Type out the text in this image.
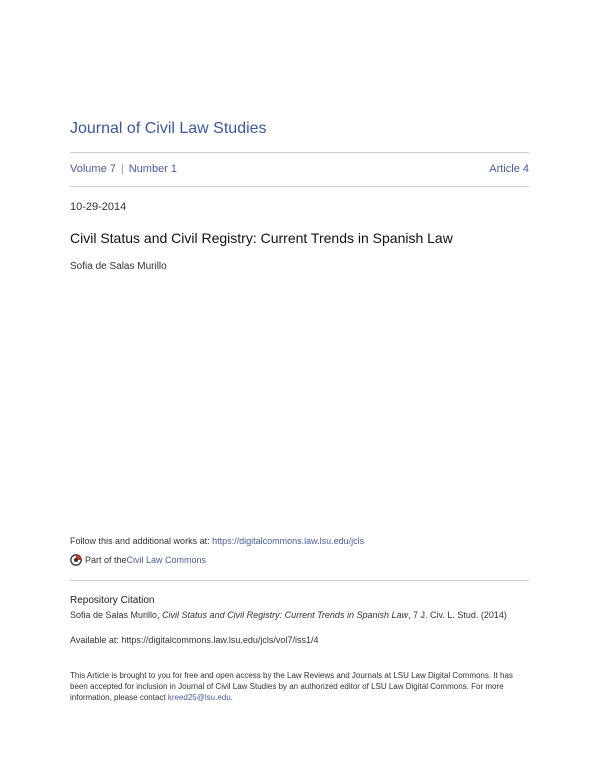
Journal of Civil Law Studies
Volume 7 | Number 1	Article 4
10-29-2014
Civil Status and Civil Registry: Current Trends in Spanish Law
Sofia de Salas Murillo
Follow this and additional works at: https://digitalcommons.law.lsu.edu/jcls
Part of the Civil Law Commons
Repository Citation
Sofia de Salas Murillo, Civil Status and Civil Registry: Current Trends in Spanish Law, 7 J. Civ. L. Stud. (2014)
Available at: https://digitalcommons.law.lsu.edu/jcls/vol7/iss1/4
This Article is brought to you for free and open access by the Law Reviews and Journals at LSU Law Digital Commons. It has been accepted for inclusion in Journal of Civil Law Studies by an authorized editor of LSU Law Digital Commons. For more information, please contact kreed25@lsu.edu.
